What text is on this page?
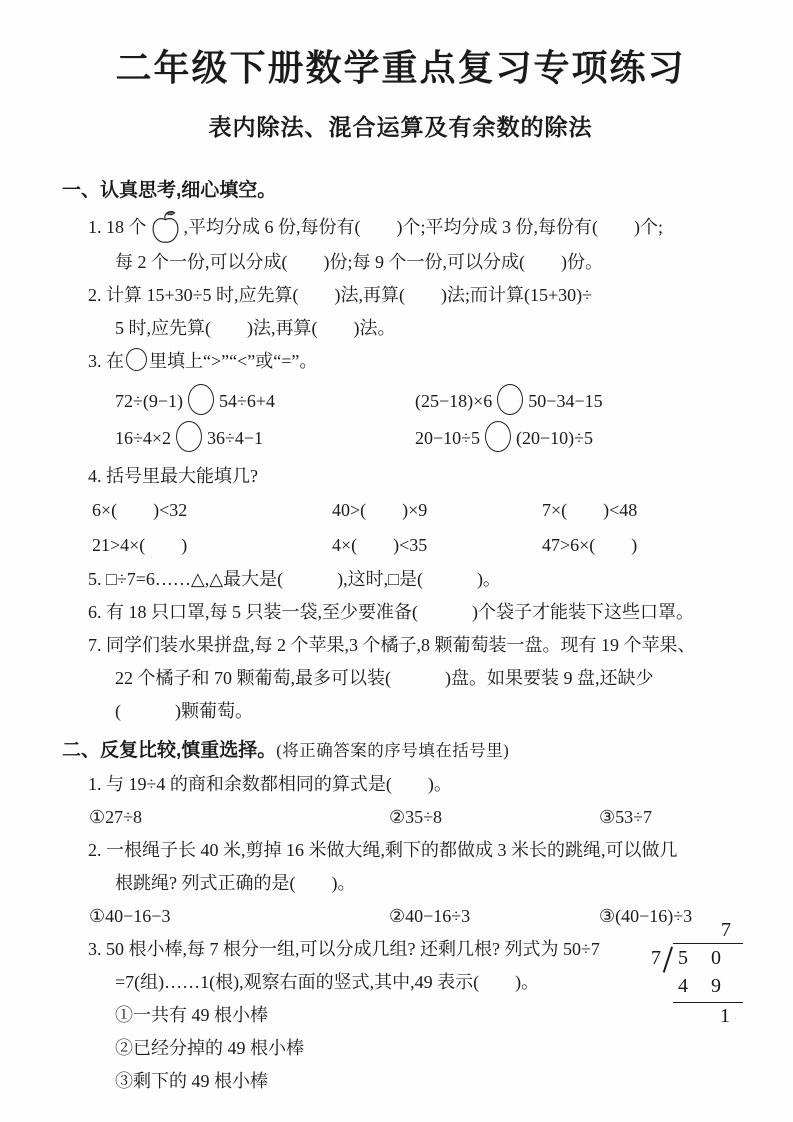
二年级下册数学重点复习专项练习
表内除法、混合运算及有余数的除法
一、认真思考,细心填空。
1. 18 个 ,平均分成 6 份,每份有(　　)个;平均分成 3 份,每份有(　　)个;
每 2 个一份,可以分成(　　)份;每 9 个一份,可以分成(　　)份。
2. 计算 15+30÷5 时,应先算(　　)法,再算(　　)法;而计算(15+30)÷
5 时,应先算(　　)法,再算(　　)法。
3. 在 里填上“>”“<”或“=”。
72÷(9−1) 54÷6+4	(25−18)×6 50−34−15
16÷4×2 36÷4−1	20−10÷5 (20−10)÷5
4. 括号里最大能填几?
6×(　　)<32	40>(　　)×9	7×(　　)<48
21>4×(　　)	4×(　　)<35	47>6×(　　)
5. □÷7=6……△,△最大是(　　　),这时,□是(　　　)。
6. 有 18 只口罩,每 5 只装一袋,至少要准备(　　　)个袋子才能装下这些口罩。
7. 同学们装水果拼盘,每 2 个苹果,3 个橘子,8 颗葡萄装一盘。现有 19 个苹果、
22 个橘子和 70 颗葡萄,最多可以装(　　　)盘。如果要装 9 盘,还缺少
(　　　)颗葡萄。
二、反复比较,慎重选择。(将正确答案的序号填在括号里)
1. 与 19÷4 的商和余数都相同的算式是(　　)。
①27÷8	②35÷8	③53÷7
2. 一根绳子长 40 米,剪掉 16 米做大绳,剩下的都做成 3 米长的跳绳,可以做几
根跳绳? 列式正确的是(　　)。
①40−16−3	②40−16÷3	③(40−16)÷3
3. 50 根小棒,每 7 根分一组,可以分成几组? 还剩几根? 列式为 50÷7
=7(组)……1(根),观察右面的竖式,其中,49 表示(　　)。
7
7 5 0
4 9
1
①一共有 49 根小棒
②已经分掉的 49 根小棒
③剩下的 49 根小棒
